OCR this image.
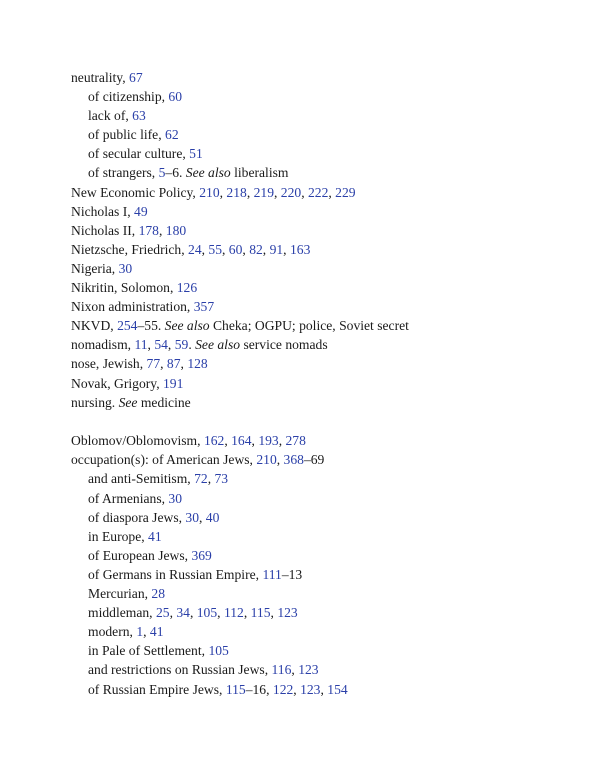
neutrality, 67
of citizenship, 60
lack of, 63
of public life, 62
of secular culture, 51
of strangers, 5–6. See also liberalism
New Economic Policy, 210, 218, 219, 220, 222, 229
Nicholas I, 49
Nicholas II, 178, 180
Nietzsche, Friedrich, 24, 55, 60, 82, 91, 163
Nigeria, 30
Nikritin, Solomon, 126
Nixon administration, 357
NKVD, 254–55. See also Cheka; OGPU; police, Soviet secret
nomadism, 11, 54, 59. See also service nomads
nose, Jewish, 77, 87, 128
Novak, Grigory, 191
nursing. See medicine
Oblomov/Oblomovism, 162, 164, 193, 278
occupation(s): of American Jews, 210, 368–69
and anti-Semitism, 72, 73
of Armenians, 30
of diaspora Jews, 30, 40
in Europe, 41
of European Jews, 369
of Germans in Russian Empire, 111–13
Mercurian, 28
middleman, 25, 34, 105, 112, 115, 123
modern, 1, 41
in Pale of Settlement, 105
and restrictions on Russian Jews, 116, 123
of Russian Empire Jews, 115–16, 122, 123, 154
